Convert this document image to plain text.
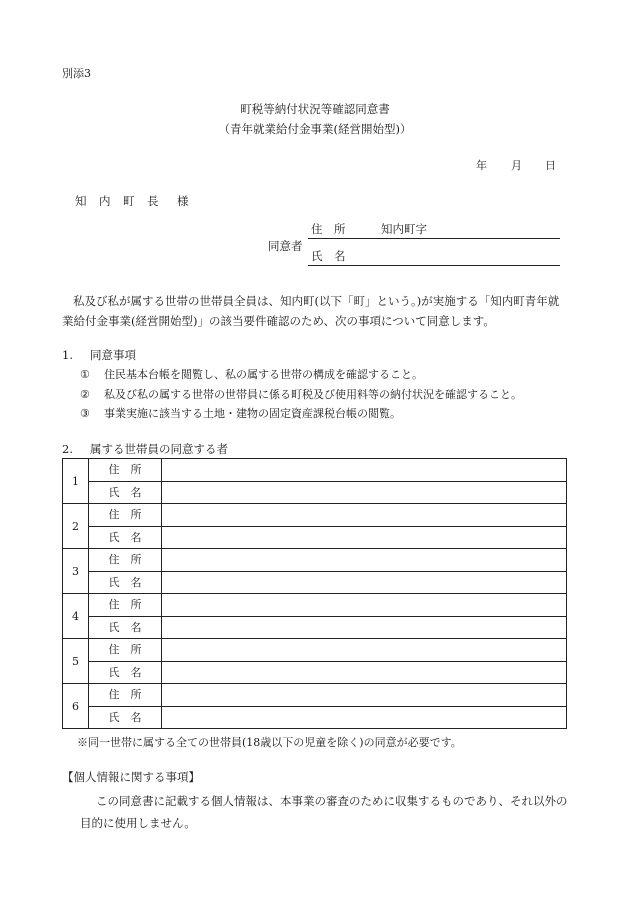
別添3
町税等納付状況等確認同意書
（青年就業給付金事業(経営開始型)）
年 月 日
知 内 町 長 様
同意者
住　所	知内町字
氏　名
私及び私が属する世帯の世帯員全員は、知内町(以下「町」という。)が実施する「知内町青年就業給付金事業(経営開始型)」の該当要件確認のため、次の事項について同意します。
1. 同意事項
① 住民基本台帳を閲覧し、私の属する世帯の構成を確認すること。
② 私及び私の属する世帯の世帯員に係る町税及び使用料等の納付状況を確認すること。
③ 事業実施に該当する土地・建物の固定資産課税台帳の閲覧。
2. 属する世帯員の同意する者
1	住　所	
	氏　名	
2	住　所	
	氏　名	
3	住　所	
	氏　名	
4	住　所	
	氏　名	
5	住　所	
	氏　名	
6	住　所	
	氏　名	
※同一世帯に属する全ての世帯員(18歳以下の児童を除く)の同意が必要です。
【個人情報に関する事項】
この同意書に記載する個人情報は、本事業の審査のために収集するものであり、それ以外の目的に使用しません。
